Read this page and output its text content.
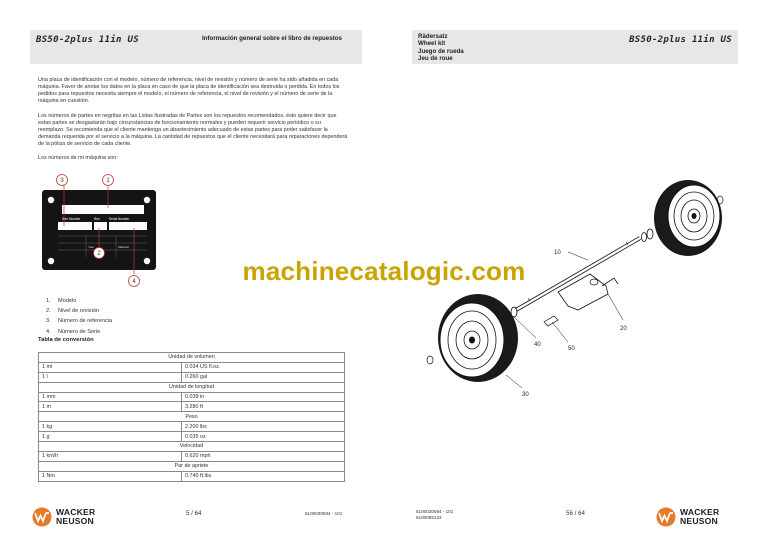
BS50-2plus 11in US	Información general sobre el libro de repuestos
Una placa de identificación con el modelo, número de referencia, nivel de revisión y número de serie ha sido añadida en cada máquina. Favor de anotar los datos en la placa en caso de que la placa de identificación sea destruida o perdida. En todos los pedidos para repuestos necesita siempre el modelo, el número de referencia, el nivel de revisión y el número de serie de la máquina en cuestión.
Los números de partes en negritas en las Listas Ilustradas de Partes son los repuestos recomendados, ésto quiere decir que estas partes se desgastarán bajo circunstancias de funcionamiento normales y pueden requerir servicio periódico o su reemplazo. Se recomienda que el cliente mantenga un abastecimiento adecuado de estas partes para poder satisfacer la demanda requerida por el servicio a la máquina. La cantidad de repuestos que el cliente necesitará para reparaciones dependerá de la póliza de servicio de cada cliente.
Los números de mi máquina son:
Item Number	Rev.	Serial Number
Year	Material
1
3
2
4
1. Modelo
2. Nivel de revisión
3. Número de referencia
4. Número de Serie
Tabla de conversión
Unidad de volumen	
1 ml	0.034 US fl.oz.
1 l	0.260 gal
Unidad de longitud	
1 mm	0.039 in
1 m	3.280 ft
Peso	
1 kg	2.200 lbs
1 g	0.035 oz
Velocidad	
1 km/h	0.620 mph
Par de apriete	
1 Nm	0.740 ft.lbs
WACKER
NEUSON
5 / 64	5100030594 - 101
Rädersatz
Wheel kit
Juego de rueda
Jeu de roue
BS50-2plus 11in US
10
20
40
50
30
5100030594 - 101
5100085133
56 / 64	WACKER
NEUSON
machinecatalogic.com
